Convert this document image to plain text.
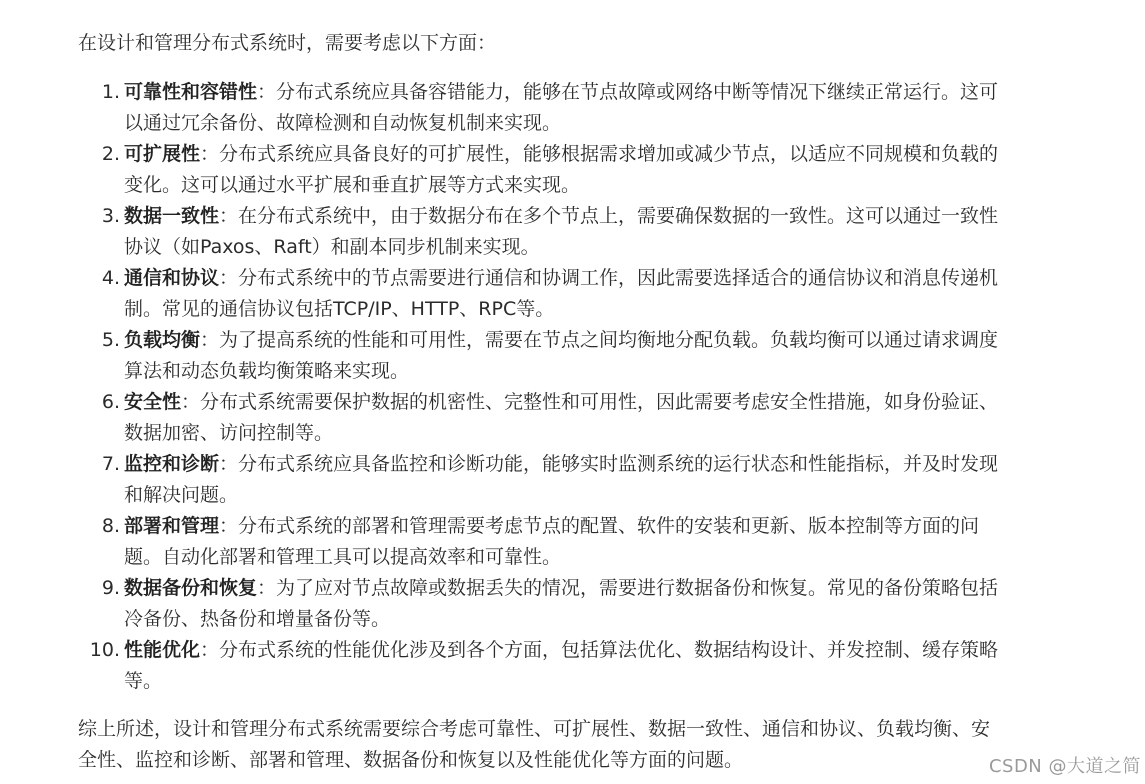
在设计和管理分布式系统时，需要考虑以下方面：

1. 可靠性和容错性：分布式系统应具备容错能力，能够在节点故障或网络中断等情况下继续正常运行。这可以通过冗余备份、故障检测和自动恢复机制来实现。
2. 可扩展性：分布式系统应具备良好的可扩展性，能够根据需求增加或减少节点，以适应不同规模和负载的变化。这可以通过水平扩展和垂直扩展等方式来实现。
3. 数据一致性：在分布式系统中，由于数据分布在多个节点上，需要确保数据的一致性。这可以通过一致性协议（如Paxos、Raft）和副本同步机制来实现。
4. 通信和协议：分布式系统中的节点需要进行通信和协调工作，因此需要选择适合的通信协议和消息传递机制。常见的通信协议包括TCP/IP、HTTP、RPC等。
5. 负载均衡：为了提高系统的性能和可用性，需要在节点之间均衡地分配负载。负载均衡可以通过请求调度算法和动态负载均衡策略来实现。
6. 安全性：分布式系统需要保护数据的机密性、完整性和可用性，因此需要考虑安全性措施，如身份验证、数据加密、访问控制等。
7. 监控和诊断：分布式系统应具备监控和诊断功能，能够实时监测系统的运行状态和性能指标，并及时发现和解决问题。
8. 部署和管理：分布式系统的部署和管理需要考虑节点的配置、软件的安装和更新、版本控制等方面的问题。自动化部署和管理工具可以提高效率和可靠性。
9. 数据备份和恢复：为了应对节点故障或数据丢失的情况，需要进行数据备份和恢复。常见的备份策略包括冷备份、热备份和增量备份等。
10. 性能优化：分布式系统的性能优化涉及到各个方面，包括算法优化、数据结构设计、并发控制、缓存策略等。

综上所述，设计和管理分布式系统需要综合考虑可靠性、可扩展性、数据一致性、通信和协议、负载均衡、安全性、监控和诊断、部署和管理、数据备份和恢复以及性能优化等方面的问题。	CSDN @大道之简
